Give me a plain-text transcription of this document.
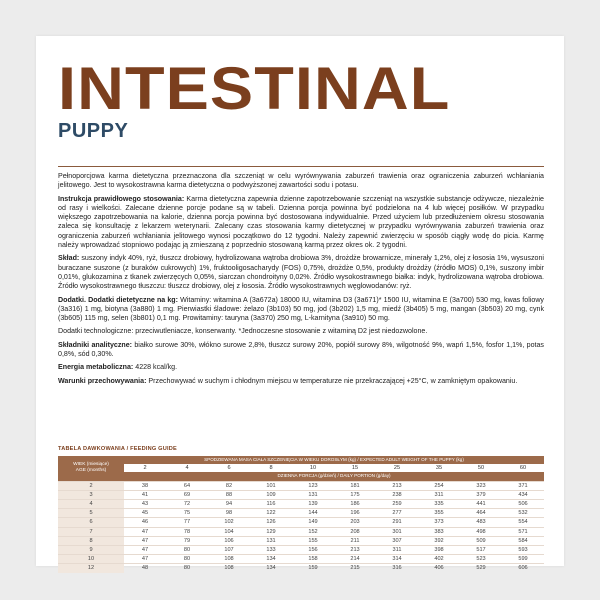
INTESTINAL
PUPPY

Pełnoporcjowa karma dietetyczna przeznaczona dla szczeniąt w celu wyrównywania zaburzeń trawienia oraz ograniczenia zaburzeń wchłaniania jelitowego. Jest to wysokostrawna karma dietetyczna o podwyższonej zawartości sodu i potasu.

Instrukcja prawidłowego stosowania: Karma dietetyczna zapewnia dzienne zapotrzebowanie szczeniąt na wszystkie substancje odżywcze, niezależnie od rasy i wielkości. Zalecane dzienne porcje podane są w tabeli. Dzienna porcja powinna być podzielona na 4 lub więcej posiłków. W przypadku większego zapotrzebowania na kalorie, dzienna porcja powinna być dostosowana indywidualnie. Przed użyciem lub przedłużeniem okresu stosowania zaleca się konsultację z lekarzem weterynarii. Zalecany czas stosowania karmy dietetycznej w przypadku wyrównywania zaburzeń trawienia oraz ograniczenia zaburzeń wchłaniania jelitowego wynosi początkowo do 12 tygodni. Należy zapewnić zwierzęciu w sposób ciągły wodę do picia. Karmę należy wprowadzać stopniowo podając ją zmieszaną z poprzednio stosowaną karmą przez okres ok. 2 tygodni.

Skład: suszony indyk 40%, ryż, tłuszcz drobiowy, hydrolizowana wątroba drobiowa 3%, drożdże browarnicze, minerały 1,2%, olej z łososia 1%, wysuszoni buraczane suszone (z buraków cukrowych) 1%, fruktooligosacharydy (FOS) 0,75%, drożdże 0,5%, produkty drożdży (źródło MOS) 0,1%, suszony imbir 0,01%, glukozamina z tkanek zwierzęcych 0,05%, siarczan chondroityny 0,02%. Źródło wysokostrawnego białka: indyk, hydrolizowana wątroba drobiowa. Źródło wysokostrawnego tłuszczu: tłuszcz drobiowy, olej z łososia. Źródło wysokostrawnych węglowodanów: ryż.

Dodatki. Dodatki dietetyczne na kg: Witaminy: witamina A (3a672a) 18000 IU, witamina D3 (3a671)* 1500 IU, witamina E (3a700) 530 mg, kwas foliowy (3a316) 1 mg, biotyna (3a880) 1 mg. Pierwiastki śladowe: żelazo (3b103) 50 mg, jod (3b202) 1,5 mg, miedź (3b405) 5 mg, mangan (3b503) 20 mg, cynk (3b605) 115 mg, selen (3b801) 0,1 mg. Prowitaminy: tauryna (3a370) 250 mg, L-karnityna (3a910) 50 mg.

Dodatki technologiczne: przeciwutleniacze, konserwanty. *Jednoczesne stosowanie z witaminą D2 jest niedozwolone.

Składniki analityczne: białko surowe 30%, włókno surowe 2,8%, tłuszcz surowy 20%, popiół surowy 8%, wilgotność 9%, wapń 1,5%, fosfor 1,1%, potas 0,8%, sód 0,30%.

Energia metaboliczna: 4228 kcal/kg.

Warunki przechowywania: Przechowywać w suchym i chłodnym miejscu w temperaturze nie przekraczającej +25°C, w zamkniętym opakowaniu.

TABELA DAWKOWANIA / FEEDING GUIDE
WIEK (miesiące)
AGE (months)	SPODZIEWANA MASA CIAŁA SZCZENIĘCIA W WIEKU DOROSŁYM (kg) / EXPECTED ADULT WEIGHT OF THE PUPPY (kg)									
	2	4	6	8	10	15	25	35	50	60
	DZIENNA PORCJA (g/dzień) / DAILY PORTION (g/day)									
2	38	64	82	101	123	181	213	254	323	371
3	41	69	88	109	131	175	238	311	379	434
4	43	72	94	116	139	186	259	335	441	506
5	45	75	98	122	144	196	277	355	464	532
6	46	77	102	126	149	203	291	373	483	554
7	47	78	104	129	152	208	301	383	498	571
8	47	79	106	131	155	211	307	392	509	584
9	47	80	107	133	156	213	311	398	517	593
10	47	80	108	134	158	214	314	402	523	599
12	48	80	108	134	159	215	316	406	529	606
